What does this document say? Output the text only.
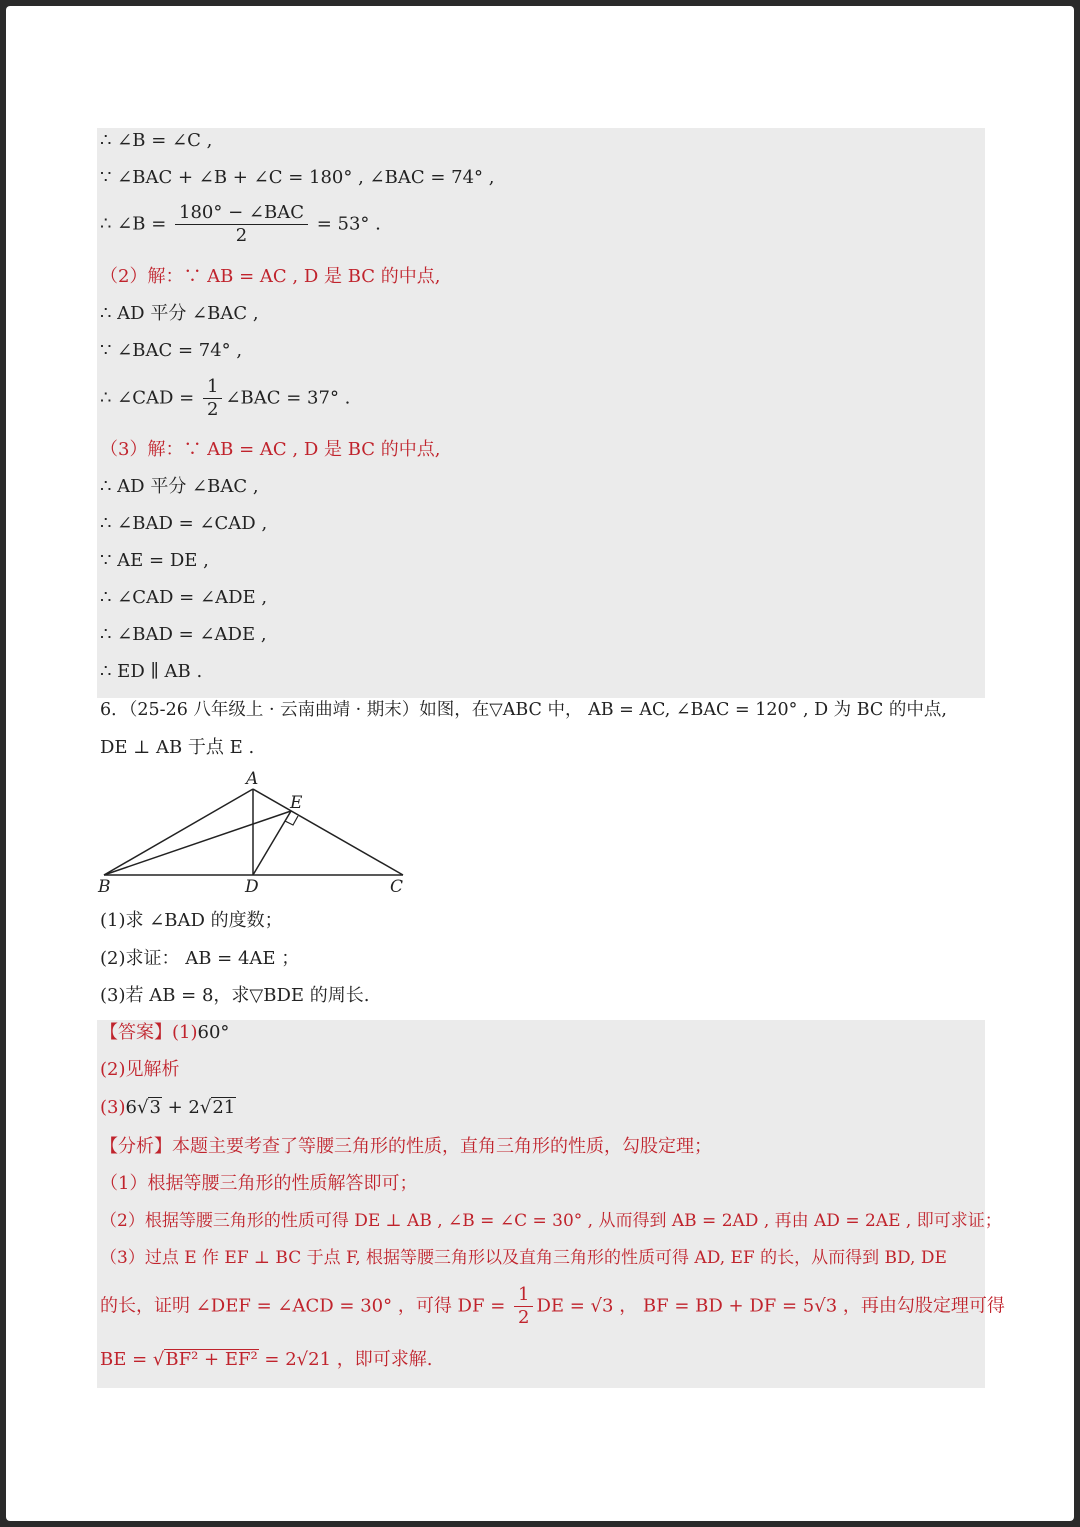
∴ ∠B = ∠C ,
∵ ∠BAC + ∠B + ∠C = 180° , ∠BAC = 74° ,
∴ ∠B = $\frac{\text{180° − ∠BAC}}{2} = 53^\circ$ .
（2）解：∵ AB = AC , D 是 BC 的中点,
∴ AD 平分 ∠BAC ,
∵ ∠BAC = 74° ,
∴ ∠CAD = $\frac{1}{2}$ ∠BAC = 37° .
（3）解：∵ AB = AC , D 是 BC 的中点,
∴ AD 平分 ∠BAC ,
∴ ∠BAD = ∠CAD ,
∵ AE = DE ,
∴ ∠CAD = ∠ADE ,
∴ ∠BAD = ∠ADE ,
∴ ED ∥ AB .
6．（25-26 八年级上 · 云南曲靖 · 期末）如图，在▽ABC 中， AB = AC, ∠BAC = 120° , D 为 BC 的中点,
DE ⊥ AB 于点 E .
A
E
B	D	C
(1)求 ∠BAD 的度数；
(2)求证： AB = 4AE ；
(3)若 AB = 8，求▽BDE 的周长.
【答案】(1)60°
(2)见解析
(3)6√3 + 2√21
【分析】本题主要考查了等腰三角形的性质，直角三角形的性质，勾股定理；
（1）根据等腰三角形的性质解答即可；
（2）根据等腰三角形的性质可得 DE ⊥ AB , ∠B = ∠C = 30° , 从而得到 AB = 2AD , 再由 AD = 2AE , 即可求证；
（3）过点 E 作 EF ⊥ BC 于点 F, 根据等腰三角形以及直角三角形的性质可得 AD, EF 的长，从而得到 BD, DE
的长，证明 ∠DEF = ∠ACD = 30° ，可得 DF = $\frac{1}{2}$ DE = √3 ， BF = BD + DF = 5√3 ，再由勾股定理可得
BE = √BF² + EF² = 2√21 ，即可求解.
